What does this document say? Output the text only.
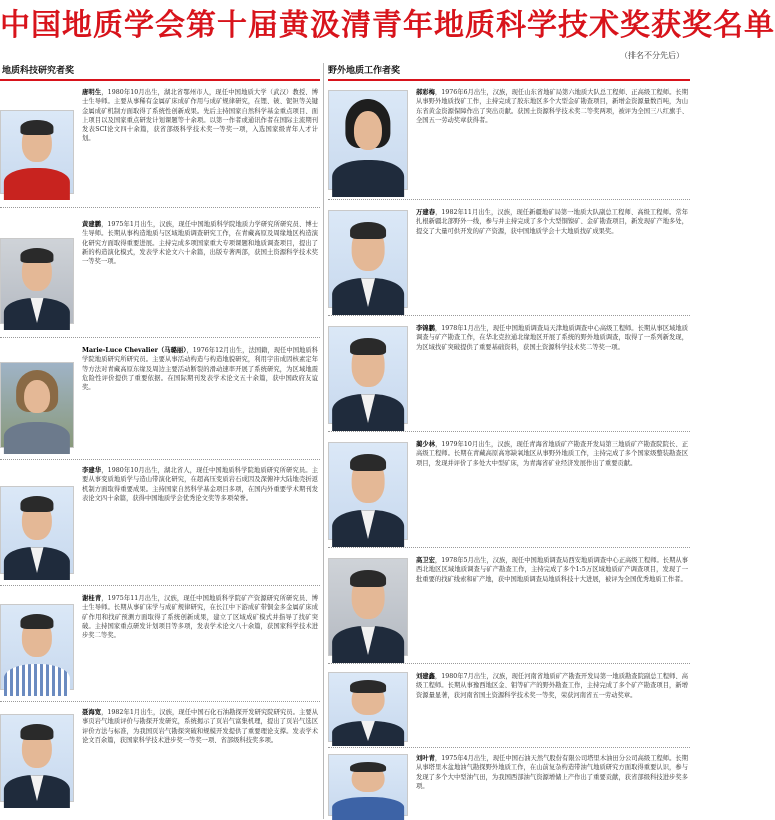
中国地质学会第十届黄汲清青年地质科学技术奖获奖名单
（排名不分先后）
地质科技研究者奖	野外地质工作者奖
唐明生，1980年10月出生，湖北省鄂州市人，现任中国地质大学（武汉）教授、博士生导师。主要从事稀有金属矿床成矿作用与成矿规律研究，在锂、铍、铌钽等关键金属成矿机制方面取得了系统性创新成果。先后主持国家自然科学基金重点项目、面上项目以及国家重点研发计划课题等十余项。以第一作者或通讯作者在国际主流期刊发表SCI论文四十余篇，获省部级科学技术奖一等奖一项，入选国家级青年人才计划。
黄建鹏，1975年1月出生，汉族，现任中国地质科学院地质力学研究所研究员、博士生导师。长期从事构造地质与区域地质调查研究工作，在青藏高原及周缘地区构造演化研究方面取得重要进展。主持完成多项国家重大专项课题和地质调查项目，提出了新的构造演化模式，发表学术论文六十余篇，出版专著两部，获国土资源科学技术奖一等奖一项。
Marie-Luce Chevalier（马璐丽），1976年12月出生，法国籍，现任中国地质科学院地质研究所研究员。主要从事活动构造与构造地貌研究，利用宇宙成因核素定年等方法对青藏高原东缘及周边主要活动断裂的滑动速率开展了系统研究，为区域地震危险性评价提供了重要依据。在国际期刊发表学术论文五十余篇，获中国政府友谊奖。
李建华，1980年10月出生，湖北省人，现任中国地质科学院地质研究所研究员。主要从事变质地质学与造山带演化研究，在超高压变质岩石成因及深俯冲大陆地壳折返机制方面取得重要成果。主持国家自然科学基金项目多项，在国内外重要学术期刊发表论文四十余篇，获得中国地质学会优秀论文奖等多项荣誉。
谢桂青，1975年11月出生，汉族，现任中国地质科学院矿产资源研究所研究员、博士生导师。长期从事矿床学与成矿规律研究，在长江中下游成矿带铜金多金属矿床成矿作用和找矿预测方面取得了系统创新成果，建立了区域成矿模式并指导了找矿突破。主持国家重点研发计划项目等多项，发表学术论文八十余篇，获国家科学技术进步奖二等奖。
聂海宽，1982年1月出生，汉族，现任中国石化石油勘探开发研究院研究员。主要从事页岩气地质评价与勘探开发研究，系统揭示了页岩气富集机理，提出了页岩气选区评价方法与标准，为我国页岩气勘探突破和规模开发提供了重要理论支撑。发表学术论文百余篇，获国家科学技术进步奖一等奖一项、省部级科技奖多项。
郝彩梅，1976年6月出生，汉族，现任山东省地矿局第六地质大队总工程师、正高级工程师。长期从事野外地质找矿工作，主持完成了胶东地区多个大型金矿勘查项目，新增金资源量数百吨，为山东省黄金资源保障作出了突出贡献。获国土资源科学技术奖二等奖两项，被评为全国三八红旗手、全国五一劳动奖章获得者。
万建春，1982年11月出生，汉族，现任新疆地矿局第一地质大队副总工程师、高级工程师。常年扎根新疆北部野外一线，参与并主持完成了多个大型铜镍矿、金矿勘查项目，新发现矿产地多处，提交了大量可供开发的矿产资源，获中国地质学会十大地质找矿成果奖。
李锦鹏，1978年1月出生，现任中国地质调查局天津地质调查中心高级工程师。长期从事区域地质调查与矿产勘查工作，在华北克拉通北缘地区开展了系统的野外地质调查，取得了一系列新发现，为区域找矿突破提供了重要基础资料，获国土资源科学技术奖二等奖一项。
蔺少林，1979年10月出生，汉族，现任青海省地质矿产勘查开发局第三地质矿产勘查院院长、正高级工程师。长期在青藏高原高寒缺氧地区从事野外地质工作，主持完成了多个国家级整装勘查区项目，发现并评价了多处大中型矿床，为青海省矿业经济发展作出了重要贡献。
高卫宏，1978年5月出生，汉族，现任中国地质调查局西安地质调查中心正高级工程师。长期从事西北地区区域地质调查与矿产勘查工作，主持完成了多个1:5万区域地质矿产调查项目，发现了一批重要的找矿线索和矿产地，获中国地质调查局地质科技十大进展，被评为全国优秀地质工作者。
刘建鑫，1980年7月出生，汉族，现任河南省地质矿产勘查开发局第一地质勘查院副总工程师、高级工程师。长期从事豫西地区金、钼等矿产的野外勘查工作，主持完成了多个矿产勘查项目，新增资源量显著，获河南省国土资源科学技术奖一等奖，荣获河南省五一劳动奖章。
刘叶青，1975年4月出生，现任中国石油天然气股份有限公司塔里木油田分公司高级工程师。长期从事塔里木盆地油气勘探野外地质工作，在山前复杂构造带油气地质研究方面取得重要认识，参与发现了多个大中型油气田，为我国西部油气资源增储上产作出了重要贡献，获省部级科技进步奖多项。
